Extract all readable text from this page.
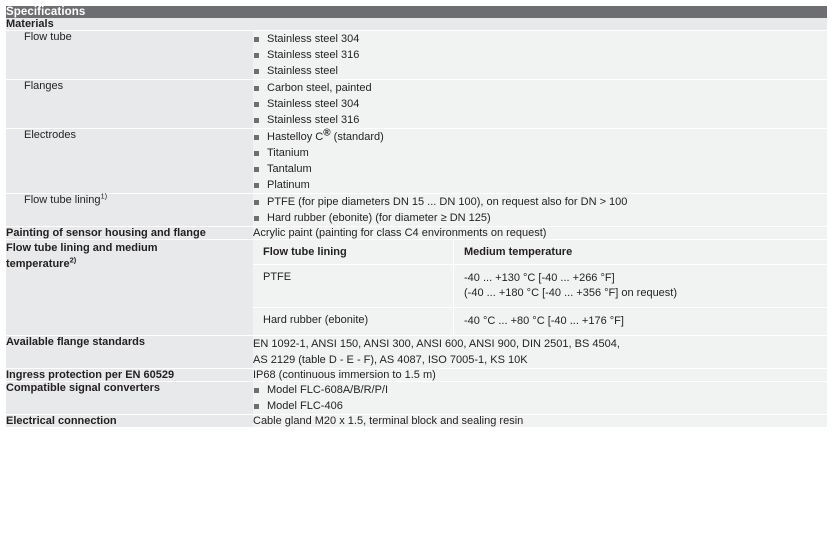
Specifications
Materials
Flow tube	Stainless steel 304
Stainless steel 316
Stainless steel

Flanges	Carbon steel, painted
Stainless steel 304
Stainless steel 316

Electrodes	Hastelloy C® (standard)
Titanium
Tantalum
Platinum

Flow tube lining$^{1)}$	
PTFE (for pipe diameters DN 15 ... DN 100), on request also for DN > 100
Hard rubber (ebonite) (for diameter ≥ DN 125)

Painting of sensor housing and flange	Acrylic paint (painting for class C4 environments on request)

Flow tube lining and medium
temperature$^{2)}$

Flow tube lining	Medium temperature
PTFE	-40 ... +130 °C [-40 ... +266 °F]
(-40 ... +180 °C [-40 ... +356 °F] on request)

Hard rubber (ebonite)	-40 °C ... +80 °C [-40 ... +176 °F]

Available flange standards	EN 1092-1, ANSI 150, ANSI 300, ANSI 600, ANSI 900, DIN 2501, BS 4504,
AS 2129 (table D - E - F), AS 4087, ISO 7005-1, KS 10K

Ingress protection per EN 60529	IP68 (continuous immersion to 1.5 m)
Compatible signal converters	Model FLC-608A/B/R/P/I
Model FLC-406

Electrical connection	Cable gland M20 x 1.5, terminal block and sealing resin
